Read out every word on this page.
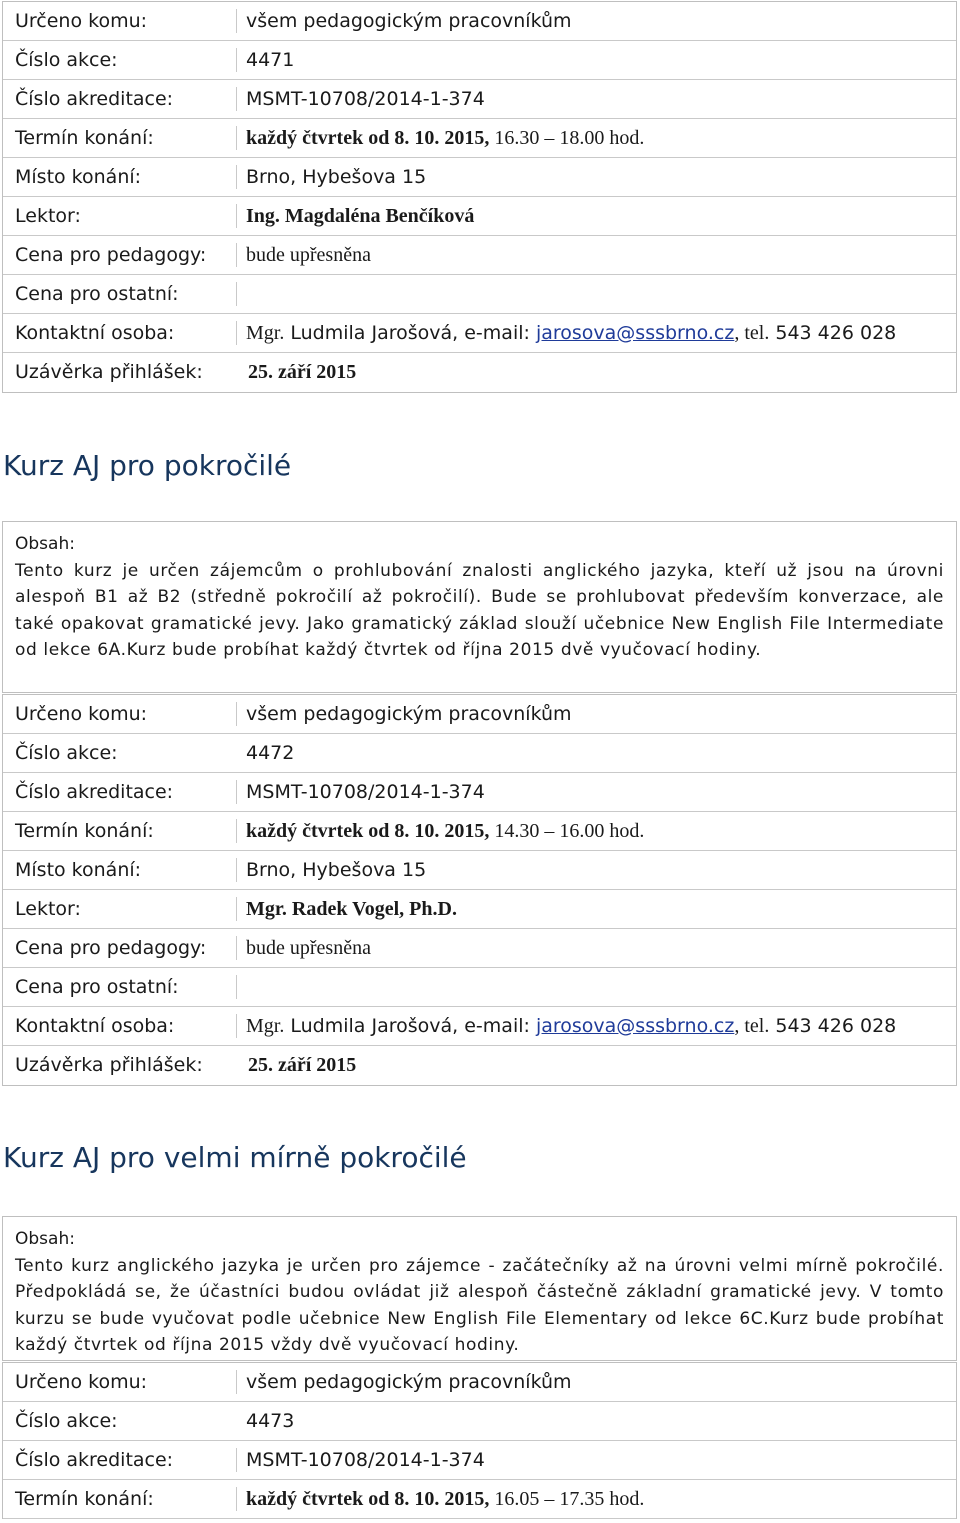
Určeno komu:	všem pedagogickým pracovníkům
Číslo akce:	4471
Číslo akreditace:	MSMT-10708/2014-1-374
Termín konání:	každý čtvrtek od 8. 10. 2015, 16.30 – 18.00 hod.
Místo konání:	Brno, Hybešova 15
Lektor:	Ing. Magdaléna Benčíková
Cena pro pedagogy: bude upřesněna
Cena pro ostatní:
Kontaktní osoba:	Mgr. Ludmila Jarošová, e-mail: jarosova@sssbrno.cz, tel. 543 426 028
Uzávěrka přihlášek: 25. září 2015
Kurz AJ pro pokročilé
Obsah:
Tento kurz je určen zájemcům o prohlubování znalosti anglického jazyka, kteří už jsou na úrovni alespoň B1 až B2 (středně pokročilí až pokročilí). Bude se prohlubovat především konverzace, ale také opakovat gramatické jevy. Jako gramatický základ slouží učebnice New English File Intermediate od lekce 6A.Kurz bude probíhat každý čtvrtek od října 2015 dvě vyučovací hodiny.
Určeno komu:	všem pedagogickým pracovníkům
Číslo akce:	4472
Číslo akreditace:	MSMT-10708/2014-1-374
Termín konání:	každý čtvrtek od 8. 10. 2015, 14.30 – 16.00 hod.
Místo konání:	Brno, Hybešova 15
Lektor:	Mgr. Radek Vogel, Ph.D.
Cena pro pedagogy: bude upřesněna
Cena pro ostatní:
Kontaktní osoba:	Mgr. Ludmila Jarošová, e-mail: jarosova@sssbrno.cz, tel. 543 426 028
Uzávěrka přihlášek: 25. září 2015
Kurz AJ pro velmi mírně pokročilé
Obsah:
Tento kurz anglického jazyka je určen pro zájemce - začátečníky až na úrovni velmi mírně pokročilé. Předpokládá se, že účastníci budou ovládat již alespoň částečně základní gramatické jevy. V tomto kurzu se bude vyučovat podle učebnice New English File Elementary od lekce 6C.Kurz bude probíhat každý čtvrtek od října 2015 vždy dvě vyučovací hodiny.
Určeno komu:	všem pedagogickým pracovníkům
Číslo akce:	4473
Číslo akreditace:	MSMT-10708/2014-1-374
Termín konání:	každý čtvrtek od 8. 10. 2015, 16.05 – 17.35 hod.
